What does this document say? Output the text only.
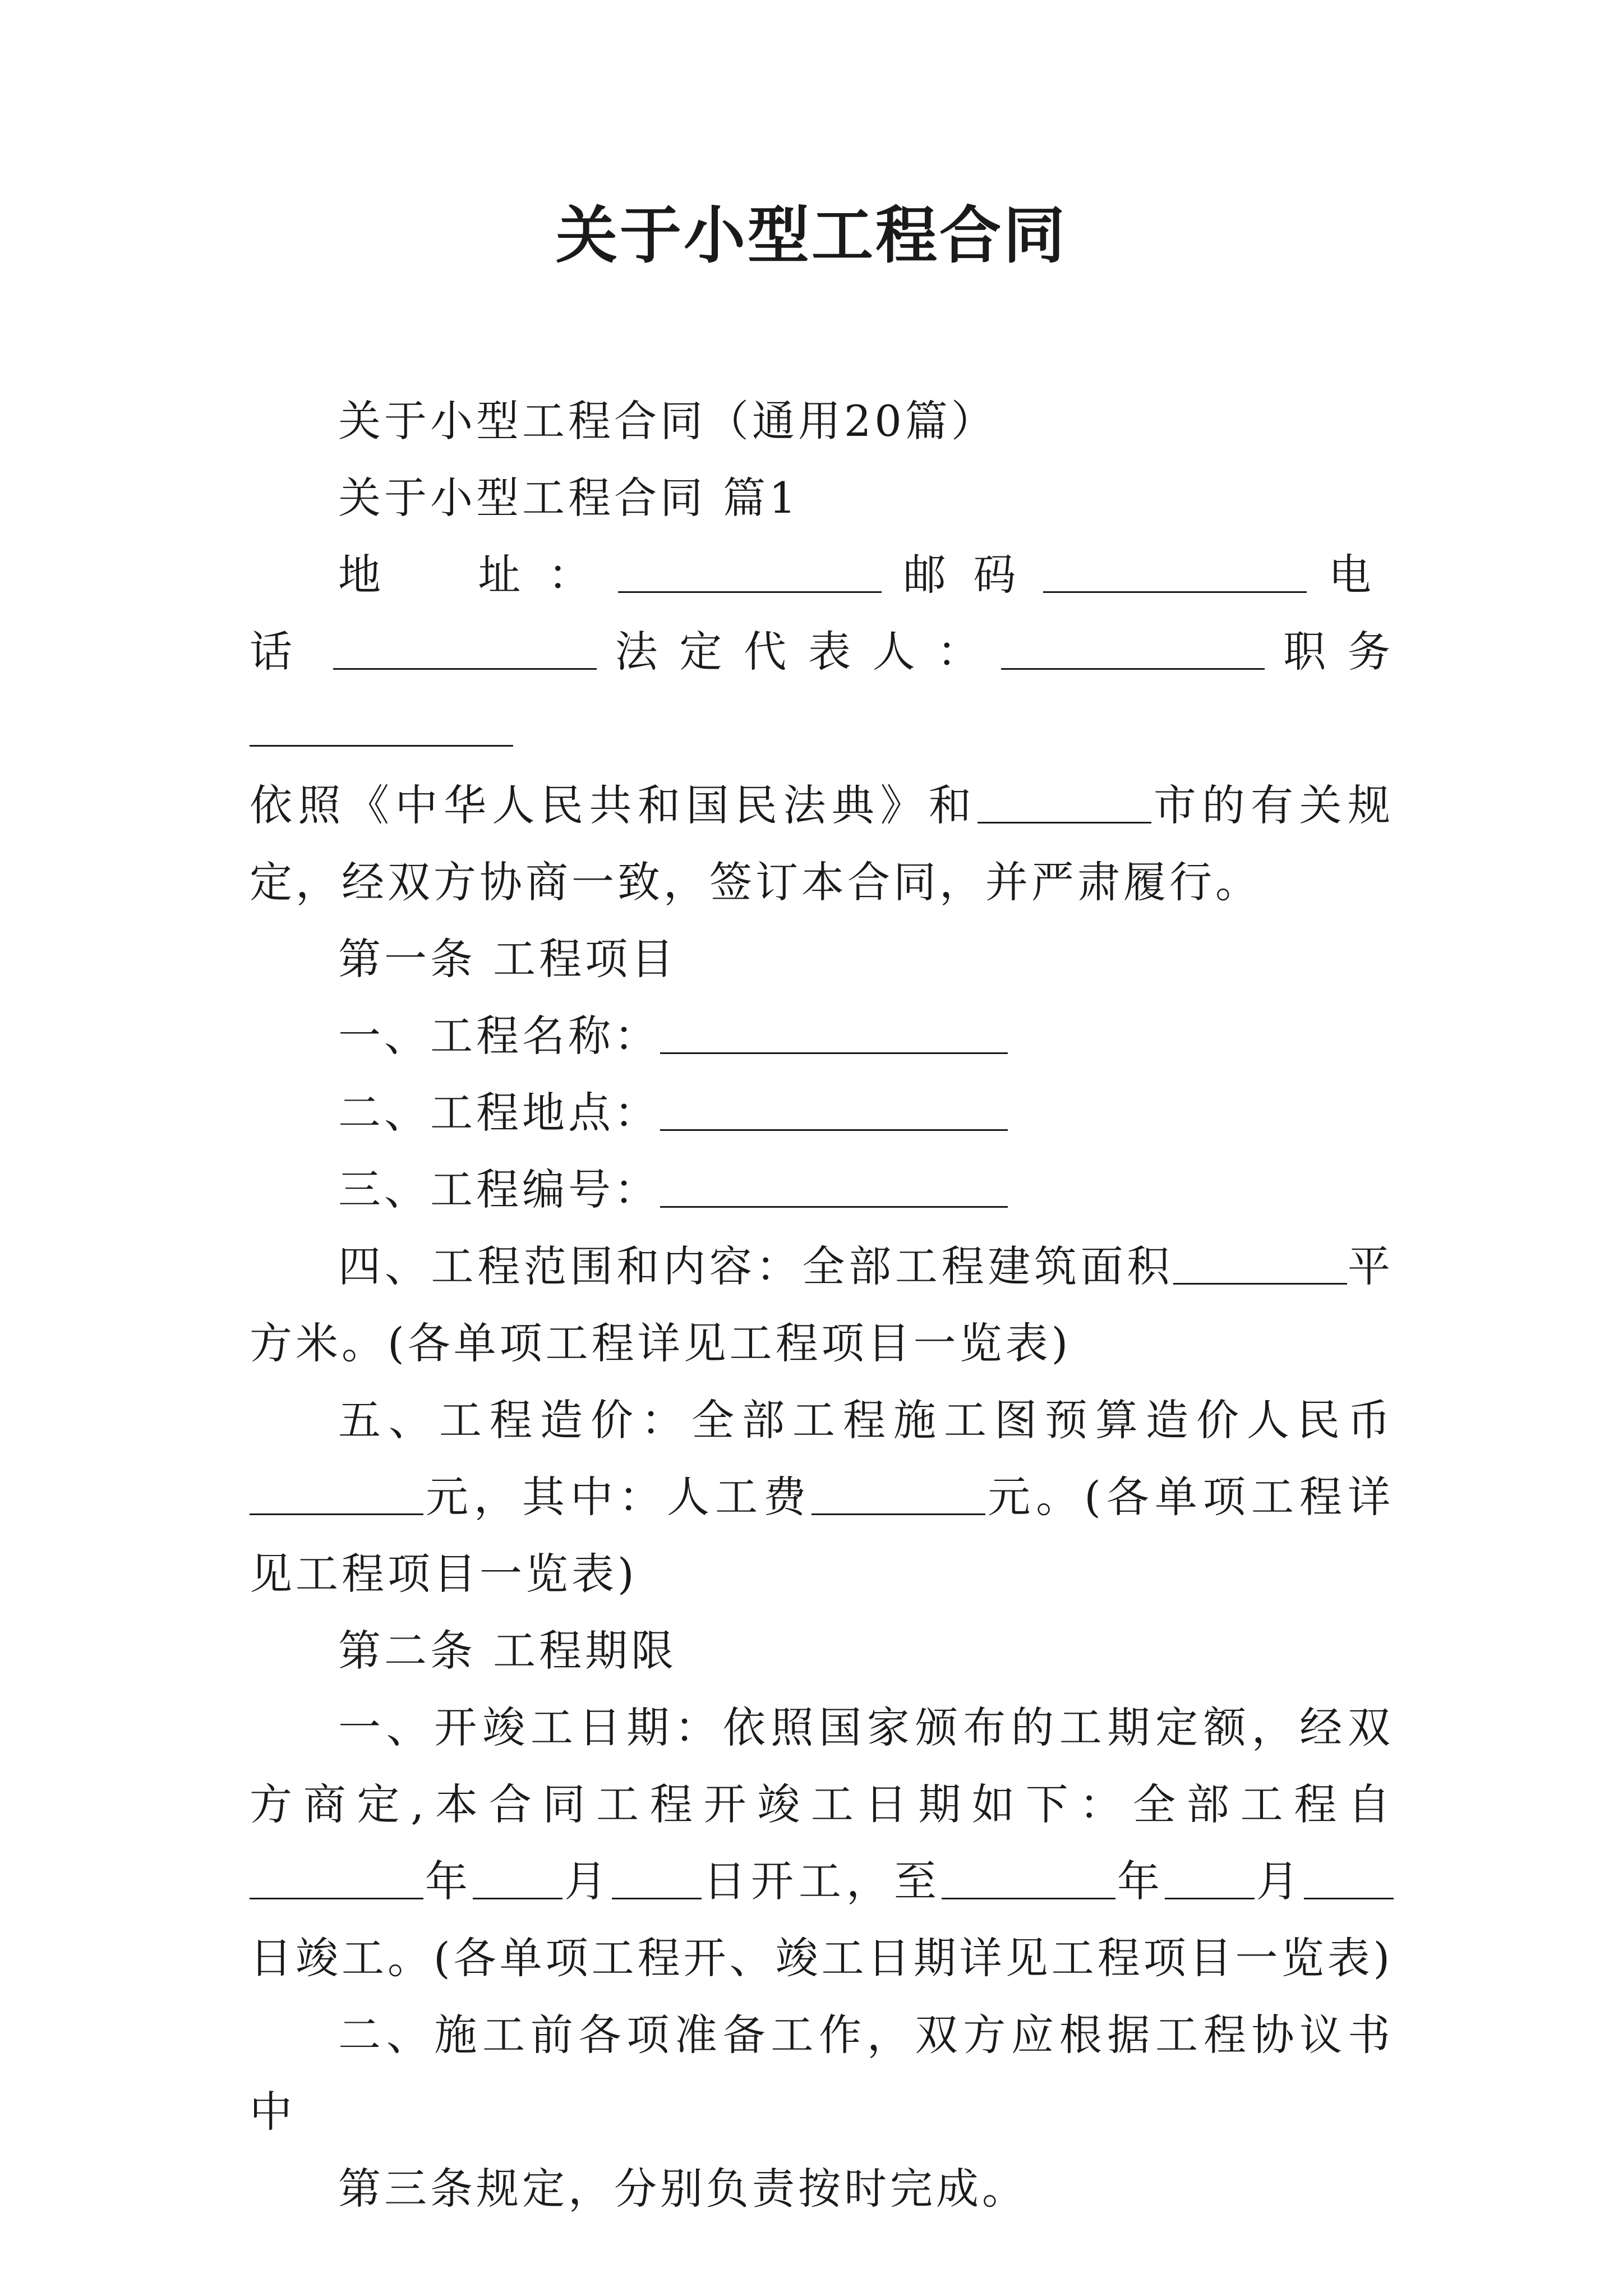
关于小型工程合同

关于小型工程合同（通用20篇）

关于小型工程合同 篇1

地　址：	邮码	电话	法定代表人：	职务

依照《中华人民共和国民法典》和	市的有关规定，经双方协商一致，签订本合同，并严肃履行。

第一条 工程项目

一、工程名称：

二、工程地点：

三、工程编号：

四、工程范围和内容：全部工程建筑面积	平方米。(各单项工程详见工程项目一览表)

五、工程造价：全部工程施工图预算造价人民币元，其中：人工费	元。(各单项工程详见工程项目一览表)

第二条 工程期限

一、开竣工日期：依照国家颁布的工期定额，经双方商定,本合同工程开竣工日期如下：全部工程自年 月 日开工，至	年 月日竣工。(各单项工程开、竣工日期详见工程项目一览表)

二、施工前各项准备工作，双方应根据工程协议书中

第三条规定，分别负责按时完成。
